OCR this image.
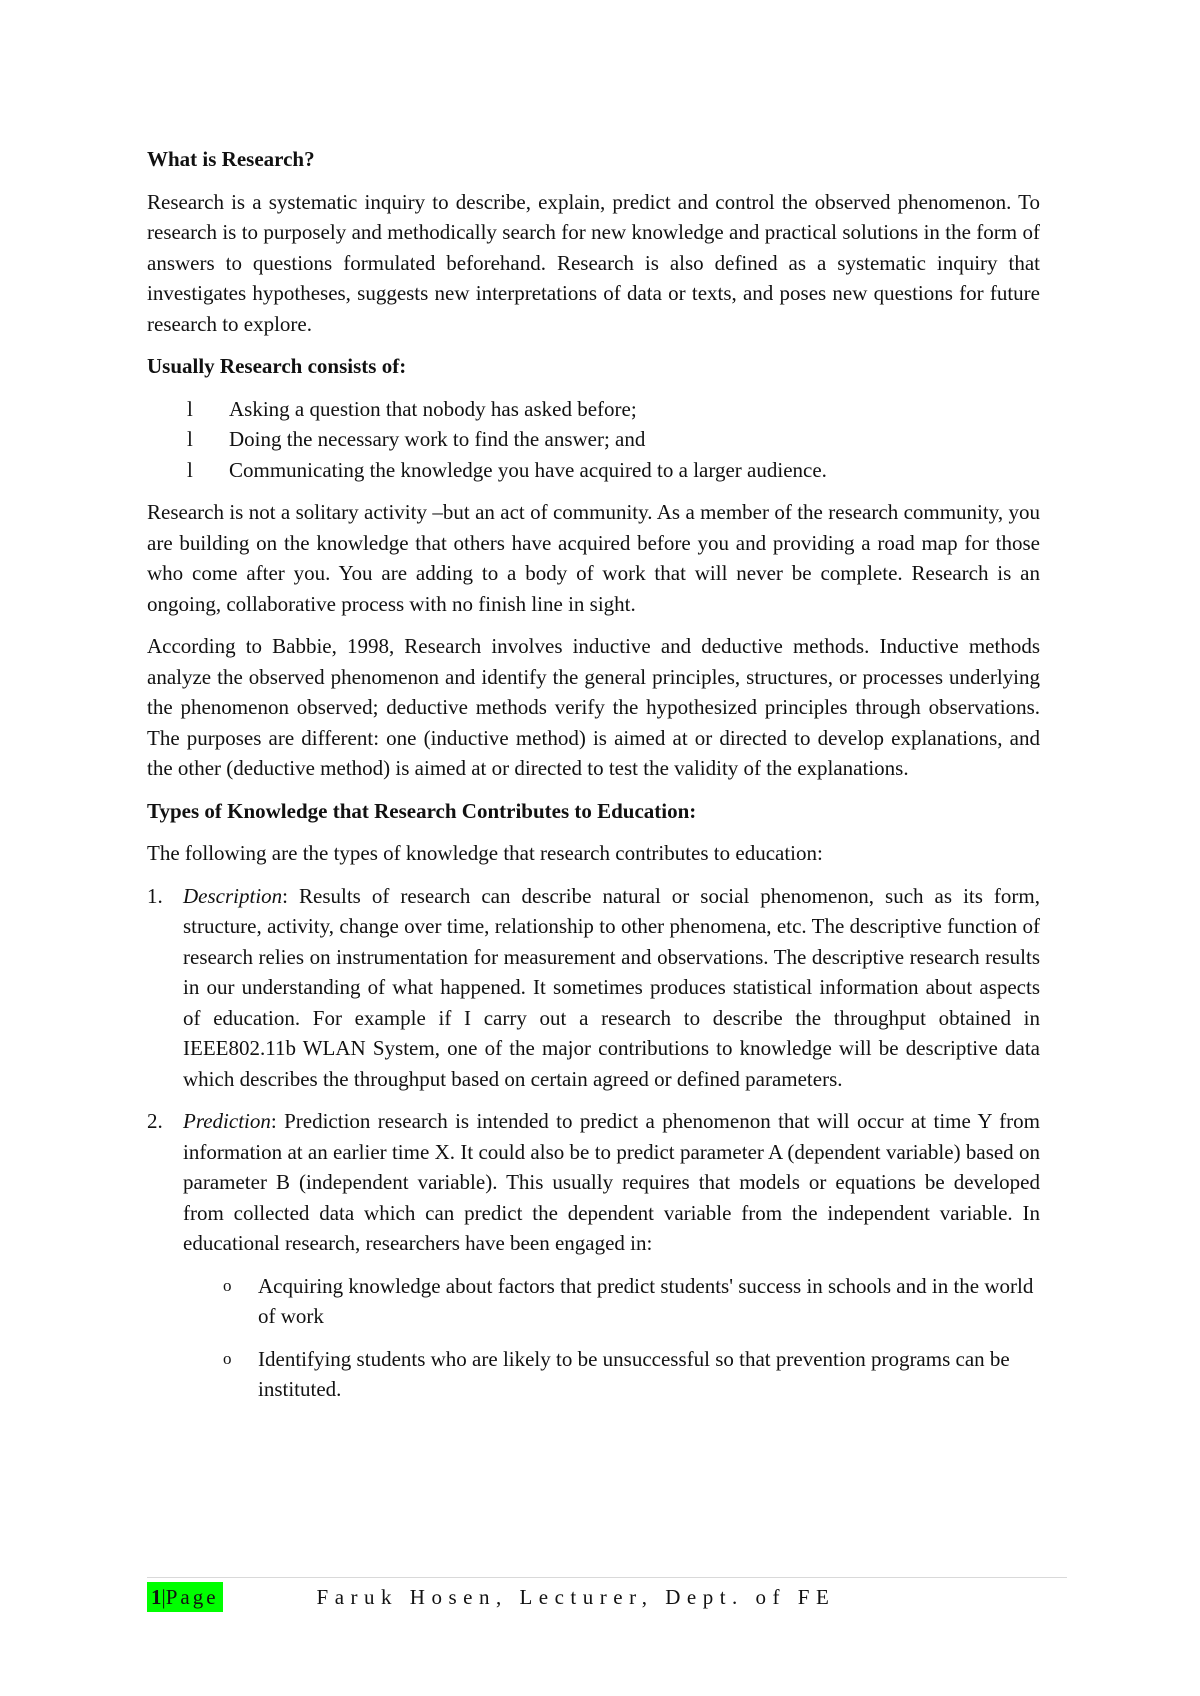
What is Research?

Research is a systematic inquiry to describe, explain, predict and control the observed phenomenon. To research is to purposely and methodically search for new knowledge and practical solutions in the form of answers to questions formulated beforehand. Research is also defined as a systematic inquiry that investigates hypotheses, suggests new interpretations of data or texts, and poses new questions for future research to explore.

Usually Research consists of:

l Asking a question that nobody has asked before;
l Doing the necessary work to find the answer; and
l Communicating the knowledge you have acquired to a larger audience.

Research is not a solitary activity –but an act of community. As a member of the research community, you are building on the knowledge that others have acquired before you and providing a road map for those who come after you. You are adding to a body of work that will never be complete. Research is an ongoing, collaborative process with no finish line in sight.

According to Babbie, 1998, Research involves inductive and deductive methods. Inductive methods analyze the observed phenomenon and identify the general principles, structures, or processes underlying the phenomenon observed; deductive methods verify the hypothesized principles through observations. The purposes are different: one (inductive method) is aimed at or directed to develop explanations, and the other (deductive method) is aimed at or directed to test the validity of the explanations.

Types of Knowledge that Research Contributes to Education:

The following are the types of knowledge that research contributes to education:

1. Description: Results of research can describe natural or social phenomenon, such as its form, structure, activity, change over time, relationship to other phenomena, etc. The descriptive function of research relies on instrumentation for measurement and observations. The descriptive research results in our understanding of what happened. It sometimes produces statistical information about aspects of education. For example if I carry out a research to describe the throughput obtained in IEEE802.11b WLAN System, one of the major contributions to knowledge will be descriptive data which describes the throughput based on certain agreed or defined parameters.
2. Prediction: Prediction research is intended to predict a phenomenon that will occur at time Y from information at an earlier time X. It could also be to predict parameter A (dependent variable) based on parameter B (independent variable). This usually requires that models or equations be developed from collected data which can predict the dependent variable from the independent variable. In educational research, researchers have been engaged in:
o Acquiring knowledge about factors that predict students' success in schools and in the world of work
o Identifying students who are likely to be unsuccessful so that prevention programs can be instituted.
1|Page	Faruk Hosen, Lecturer, Dept. of FE
